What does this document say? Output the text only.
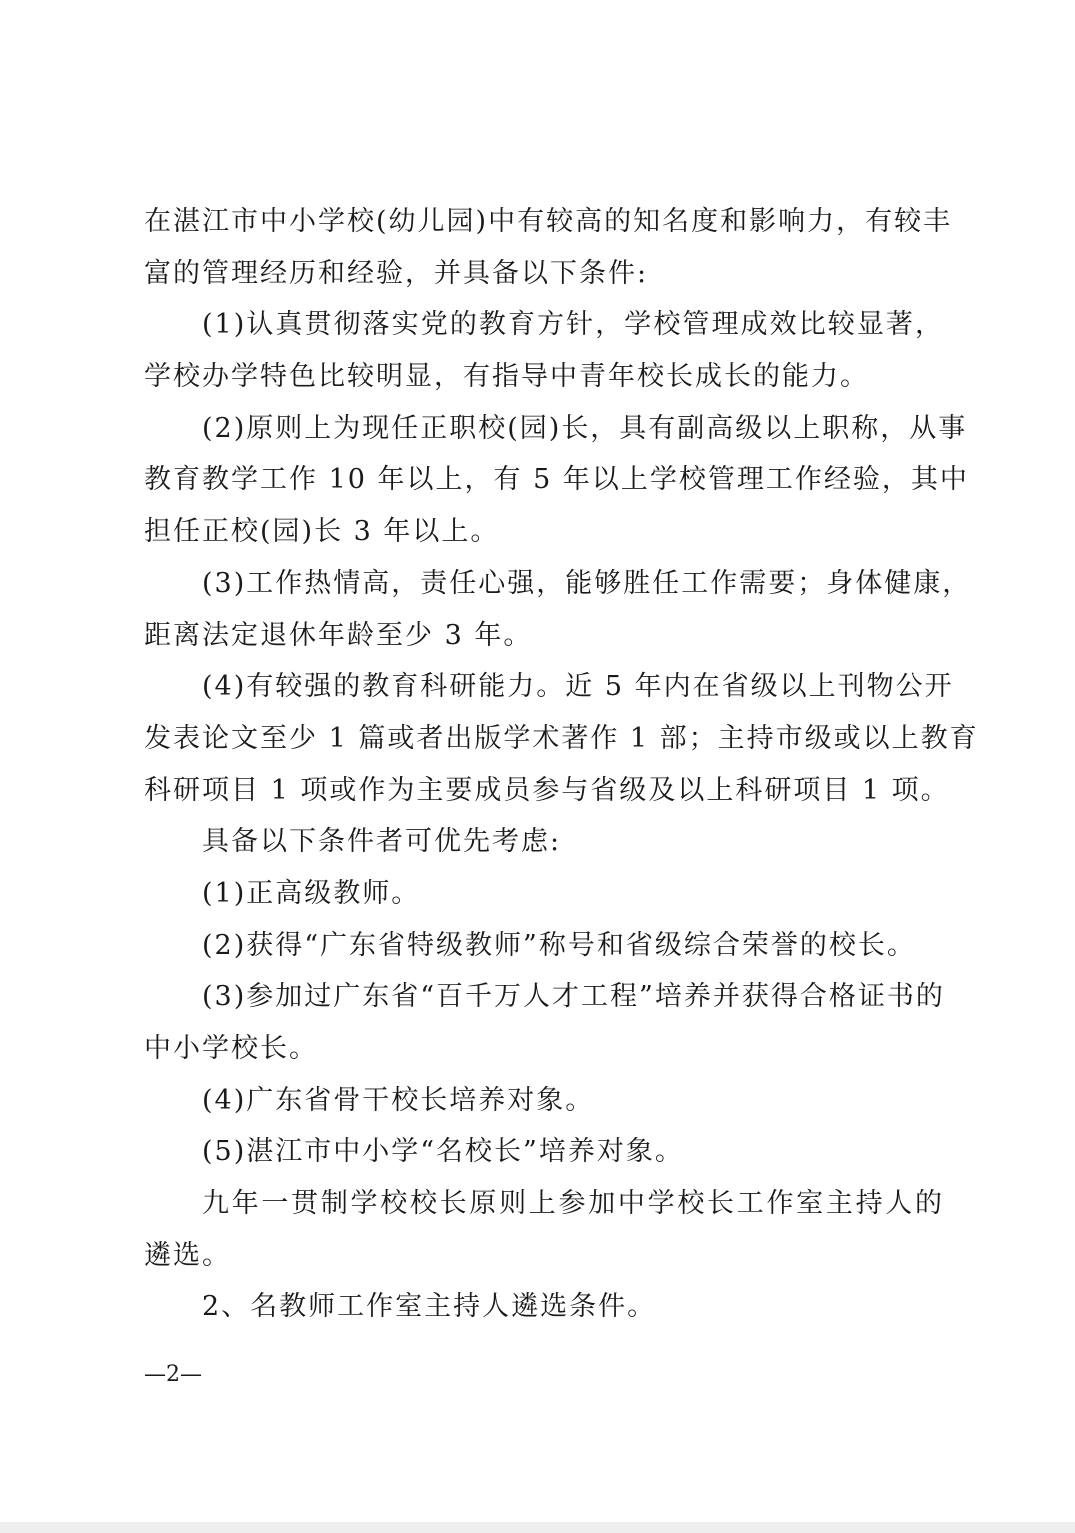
在湛江市中小学校(幼儿园)中有较高的知名度和影响力，有较丰
富的管理经历和经验，并具备以下条件:
(1)认真贯彻落实党的教育方针，学校管理成效比较显著，
学校办学特色比较明显，有指导中青年校长成长的能力。
(2)原则上为现任正职校(园)长，具有副高级以上职称，从事
教育教学工作 10 年以上，有 5 年以上学校管理工作经验，其中
担任正校(园)长 3 年以上。
(3)工作热情高，责任心强，能够胜任工作需要；身体健康，
距离法定退休年龄至少 3 年。
(4)有较强的教育科研能力。近 5 年内在省级以上刊物公开
发表论文至少 1 篇或者出版学术著作 1 部；主持市级或以上教育
科研项目 1 项或作为主要成员参与省级及以上科研项目 1 项。
具备以下条件者可优先考虑:
(1)正高级教师。
(2)获得“广东省特级教师”称号和省级综合荣誉的校长。
(3)参加过广东省“百千万人才工程”培养并获得合格证书的
中小学校长。
(4)广东省骨干校长培养对象。
(5)湛江市中小学“名校长”培养对象。
九年一贯制学校校长原则上参加中学校长工作室主持人的
遴选。
2、名教师工作室主持人遴选条件。
—2—
